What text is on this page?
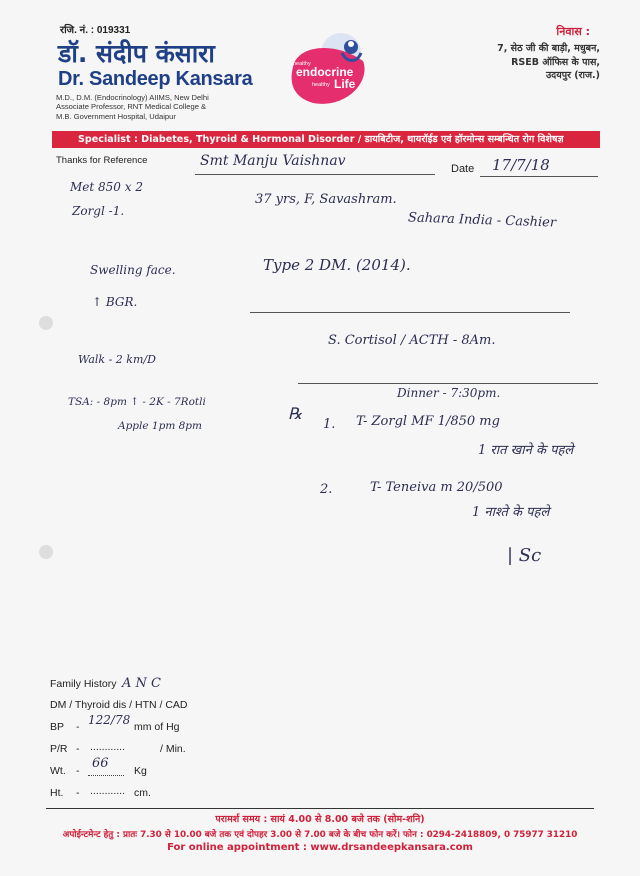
रजि. नं. : 019331
डॉ. संदीप कंसारा
Dr. Sandeep Kansara
M.D., D.M. (Endocrinology) AIIMS, New Delhi
Associate Professor, RNT Medical College &
M.B. Government Hospital, Udaipur
healthy
endocrine
healthy Life
निवास :
7, सेठ जी की बाड़ी, मधुबन,
RSEB ऑफिस के पास,
उदयपुर (राज.)
Specialist : Diabetes, Thyroid & Hormonal Disorder / डायबिटीज, थायरॉईड एवं हॉरमोन्स सम्बन्धित रोग विशेषज्ञ
Thanks for Reference
Date
Smt Manju Vaishnav	17/7/18
37 yrs, F, Savashram.
Sahara India - Cashier
Met 850 x 2
Zorgl -1.
Swelling face.
↑ BGR.
Walk - 2 km/D
TSA: - 8pm ↑ - 2K - 7Rotli
Apple 1pm 8pm
Type 2 DM. (2014).
S. Cortisol / ACTH - 8Am.
Dinner - 7:30pm.
℞
1. T- Zorgl MF 1/850 mg
1 रात खाने के पहले
2.	T- Teneiva m 20/500
1 नाश्ते के पहले
| Sc
Family History A N C
DM / Thyroid dis / HTN / CAD
BP - 122/78 mm of Hg
P/R - ............	/ Min.
Wt. - 66 Kg
Ht. - ............ cm.
परामर्श समय : सायं 4.00 से 8.00 बजे तक (सोम-शनि)
अपोईन्टमेन्ट हेतु : प्रातः 7.30 से 10.00 बजे तक एवं दोपहर 3.00 से 7.00 बजे के बीच फोन करें। फोन : 0294-2418809, 0 75977 31210
For online appointment : www.drsandeepkansara.com
